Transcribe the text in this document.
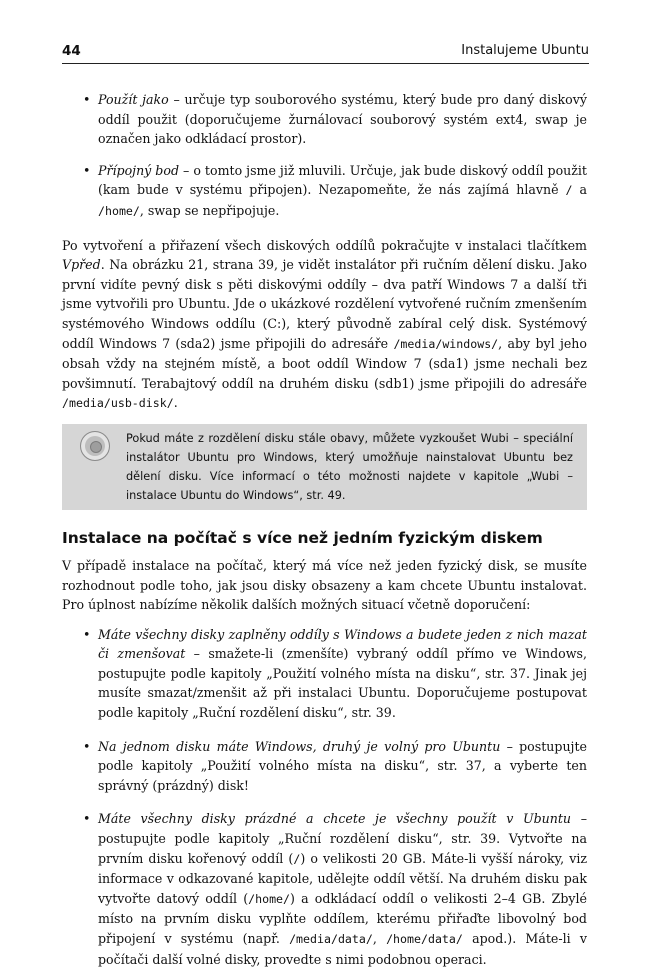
44	Instalujeme Ubuntu
• Použít jako – určuje typ souborového systému, který bude pro daný diskový oddíl použit (doporučujeme žurnálovací souborový systém ext4, swap je označen jako odkládací prostor).
• Přípojný bod – o tomto jsme již mluvili. Určuje, jak bude diskový oddíl použit (kam bude v systému připojen). Nezapomeňte, že nás zajímá hlavně / a /home/, swap se nepřipojuje.

Po vytvoření a přiřazení všech diskových oddílů pokračujte v instalaci tlačítkem Vpřed. Na obrázku 21, strana 39, je vidět instalátor při ručním dělení disku. Jako první vidíte pevný disk s pěti diskovými oddíly – dva patří Windows 7 a další tři jsme vytvořili pro Ubuntu. Jde o ukázkové rozdělení vytvořené ručním zmenšením systémového Windows oddílu (C:), který původně zabíral celý disk. Systémový oddíl Windows 7 (sda2) jsme připojili do adresáře /media/windows/, aby byl jeho obsah vždy na stejném místě, a boot oddíl Window 7 (sda1) jsme nechali bez povšimnutí. Terabajtový oddíl na druhém disku (sdb1) jsme připojili do adresáře /media/usb-disk/.

Pokud máte z rozdělení disku stále obavy, můžete vyzkoušet Wubi – speciální instalátor Ubuntu pro Windows, který umožňuje nainstalovat Ubuntu bez dělení disku. Více informací o této možnosti najdete v kapitole „Wubi – instalace Ubuntu do Windows“, str. 49.

Instalace na počítač s více než jedním fyzickým diskem

V případě instalace na počítač, který má více než jeden fyzický disk, se musíte rozhodnout podle toho, jak jsou disky obsazeny a kam chcete Ubuntu instalovat. Pro úplnost nabízíme několik dalších možných situací včetně doporučení:

• Máte všechny disky zaplněny oddíly s Windows a budete jeden z nich mazat či zmenšovat – smažete-li (zmenšíte) vybraný oddíl přímo ve Windows, postupujte podle kapitoly „Použití volného místa na disku“, str. 37. Jinak jej musíte smazat/zmenšit až při instalaci Ubuntu. Doporučujeme postupovat podle kapitoly „Ruční rozdělení disku“, str. 39.
• Na jednom disku máte Windows, druhý je volný pro Ubuntu – postupujte podle kapitoly „Použití volného místa na disku“, str. 37, a vyberte ten správný (prázdný) disk!
• Máte všechny disky prázdné a chcete je všechny použít v Ubuntu – postupujte podle kapitoly „Ruční rozdělení disku“, str. 39. Vytvořte na prvním disku kořenový oddíl (/) o velikosti 20 GB. Máte-li vyšší nároky, viz informace v odkazované kapitole, udělejte oddíl větší. Na druhém disku pak vytvořte datový oddíl (/home/) a odkládací oddíl o velikosti 2–4 GB. Zbylé místo na prvním disku vyplňte oddílem, kterému přiřaďte libovolný bod připojení v systému (např. /media/data/, /home/data/ apod.). Máte-li v počítači další volné disky, provedte s nimi podobnou operaci.
